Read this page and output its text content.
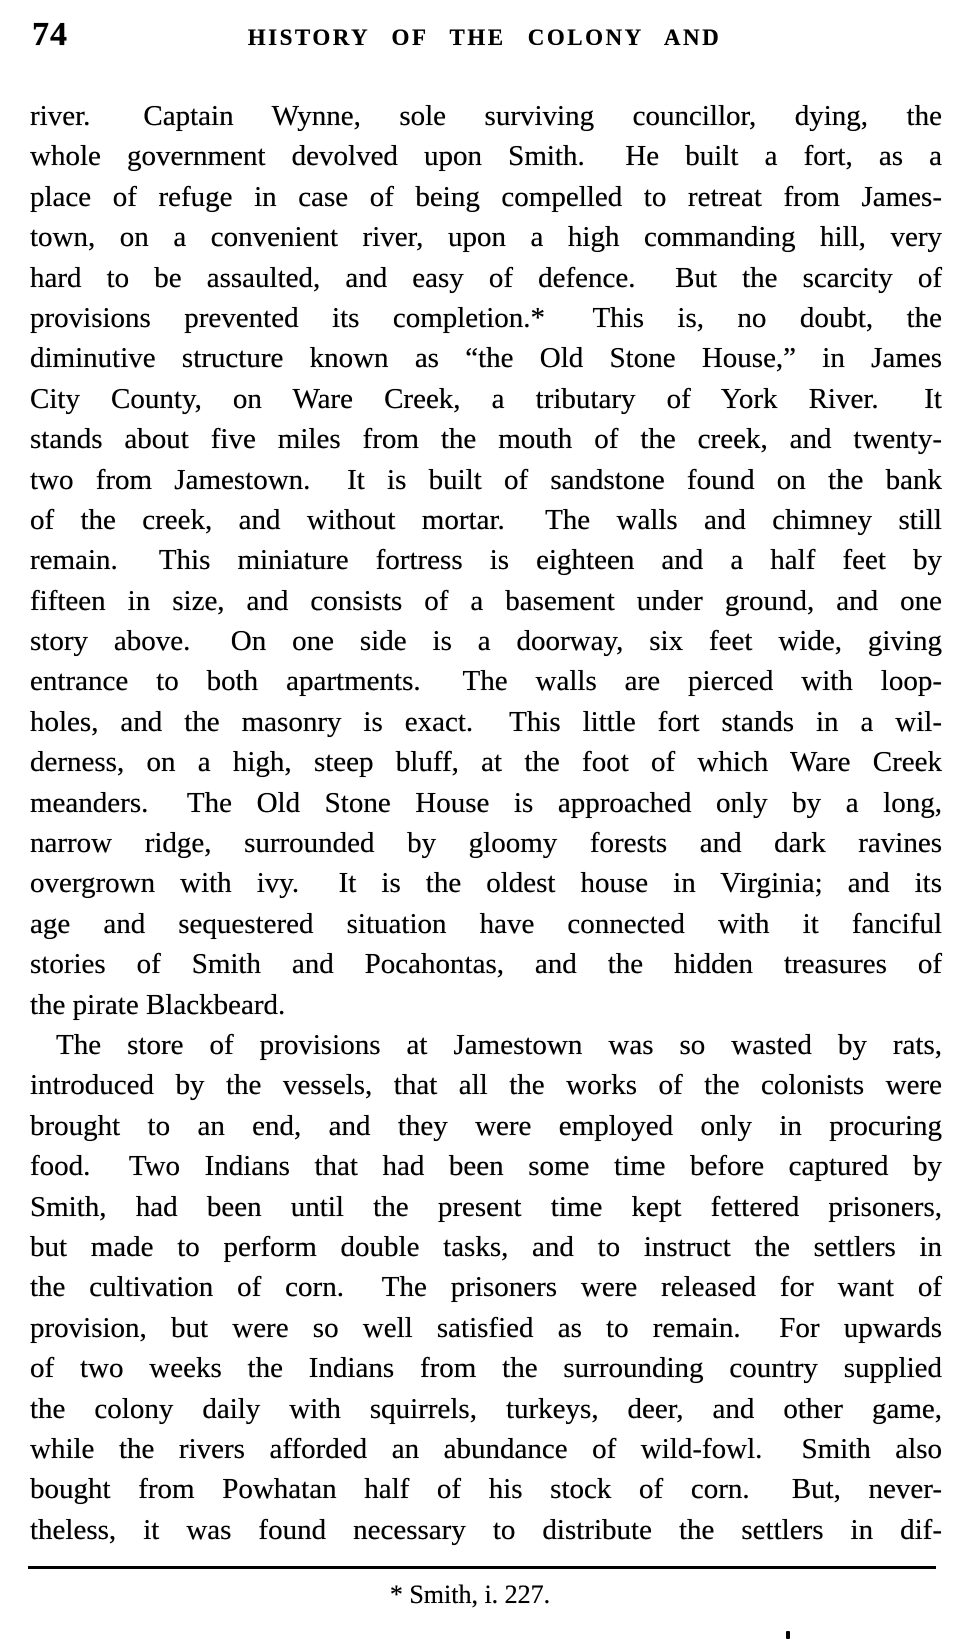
74	HISTORY OF THE COLONY AND
river.  Captain Wynne, sole surviving councillor, dying, the
whole government devolved upon Smith.  He built a fort, as a
place of refuge in case of being compelled to retreat from James-
town, on a convenient river, upon a high commanding hill, very
hard to be assaulted, and easy of defence.  But the scarcity of
provisions prevented its completion.*  This is, no doubt, the
diminutive structure known as “the Old Stone House,” in James
City County, on Ware Creek, a tributary of York River.  It
stands about five miles from the mouth of the creek, and twenty-
two from Jamestown.  It is built of sandstone found on the bank
of the creek, and without mortar.  The walls and chimney still
remain.  This miniature fortress is eighteen and a half feet by
fifteen in size, and consists of a basement under ground, and one
story above.  On one side is a doorway, six feet wide, giving
entrance to both apartments.  The walls are pierced with loop-
holes, and the masonry is exact.  This little fort stands in a wil-
derness, on a high, steep bluff, at the foot of which Ware Creek
meanders.  The Old Stone House is approached only by a long,
narrow ridge, surrounded by gloomy forests and dark ravines
overgrown with ivy.  It is the oldest house in Virginia; and its
age and sequestered situation have connected with it fanciful
stories of Smith and Pocahontas, and the hidden treasures of
the pirate Blackbeard.
The store of provisions at Jamestown was so wasted by rats,
introduced by the vessels, that all the works of the colonists were
brought to an end, and they were employed only in procuring
food.  Two Indians that had been some time before captured by
Smith, had been until the present time kept fettered prisoners,
but made to perform double tasks, and to instruct the settlers in
the cultivation of corn.  The prisoners were released for want of
provision, but were so well satisfied as to remain.  For upwards
of two weeks the Indians from the surrounding country supplied
the colony daily with squirrels, turkeys, deer, and other game,
while the rivers afforded an abundance of wild-fowl.  Smith also
bought from Powhatan half of his stock of corn.  But, never-
theless, it was found necessary to distribute the settlers in dif-
* Smith, i. 227.
